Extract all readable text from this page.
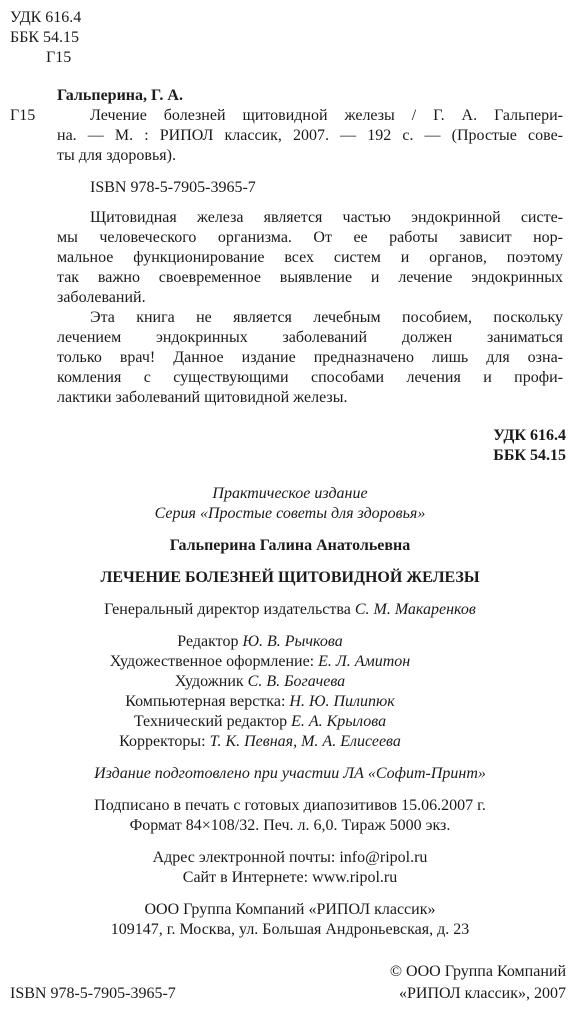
УДК 616.4
ББК 54.15
Г15
Гальперина, Г. А.
Г15	Лечение болезней щитовидной железы / Г. А. Гальпери-
на. — М. : РИПОЛ классик, 2007. — 192 с. — (Простые сове-
ты для здоровья).
ISBN 978-5-7905-3965-7
Щитовидная железа является частью эндокринной систе-
мы человеческого организма. От ее работы зависит нор-
мальное функционирование всех систем и органов, поэтому
так важно своевременное выявление и лечение эндокринных
заболеваний.
Эта книга не является лечебным пособием, поскольку
лечением эндокринных заболеваний должен заниматься
только врач! Данное издание предназначено лишь для озна-
комления с существующими способами лечения и профи-
лактики заболеваний щитовидной железы.
УДК 616.4
ББК 54.15
Практическое издание
Серия «Простые советы для здоровья»
Гальперина Галина Анатольевна
ЛЕЧЕНИЕ БОЛЕЗНЕЙ ЩИТОВИДНОЙ ЖЕЛЕЗЫ
Генеральный директор издательства С. М. Макаренков
Редактор Ю. В. Рычкова
Художественное оформление: Е. Л. Амитон
Художник С. В. Богачева
Компьютерная верстка: Н. Ю. Пилипюк
Технический редактор Е. А. Крылова
Корректоры: Т. К. Певная, М. А. Елисеева
Издание подготовлено при участии ЛА «Софит-Принт»
Подписано в печать с готовых диапозитивов 15.06.2007 г.
Формат 84×108/32. Печ. л. 6,0. Тираж 5000 экз.
Адрес электронной почты: info@ripol.ru
Сайт в Интернете: www.ripol.ru
ООО Группа Компаний «РИПОЛ классик»
109147, г. Москва, ул. Большая Андроньевская, д. 23
ISBN 978-5-7905-3965-7
© ООО Группа Компаний
«РИПОЛ классик», 2007
